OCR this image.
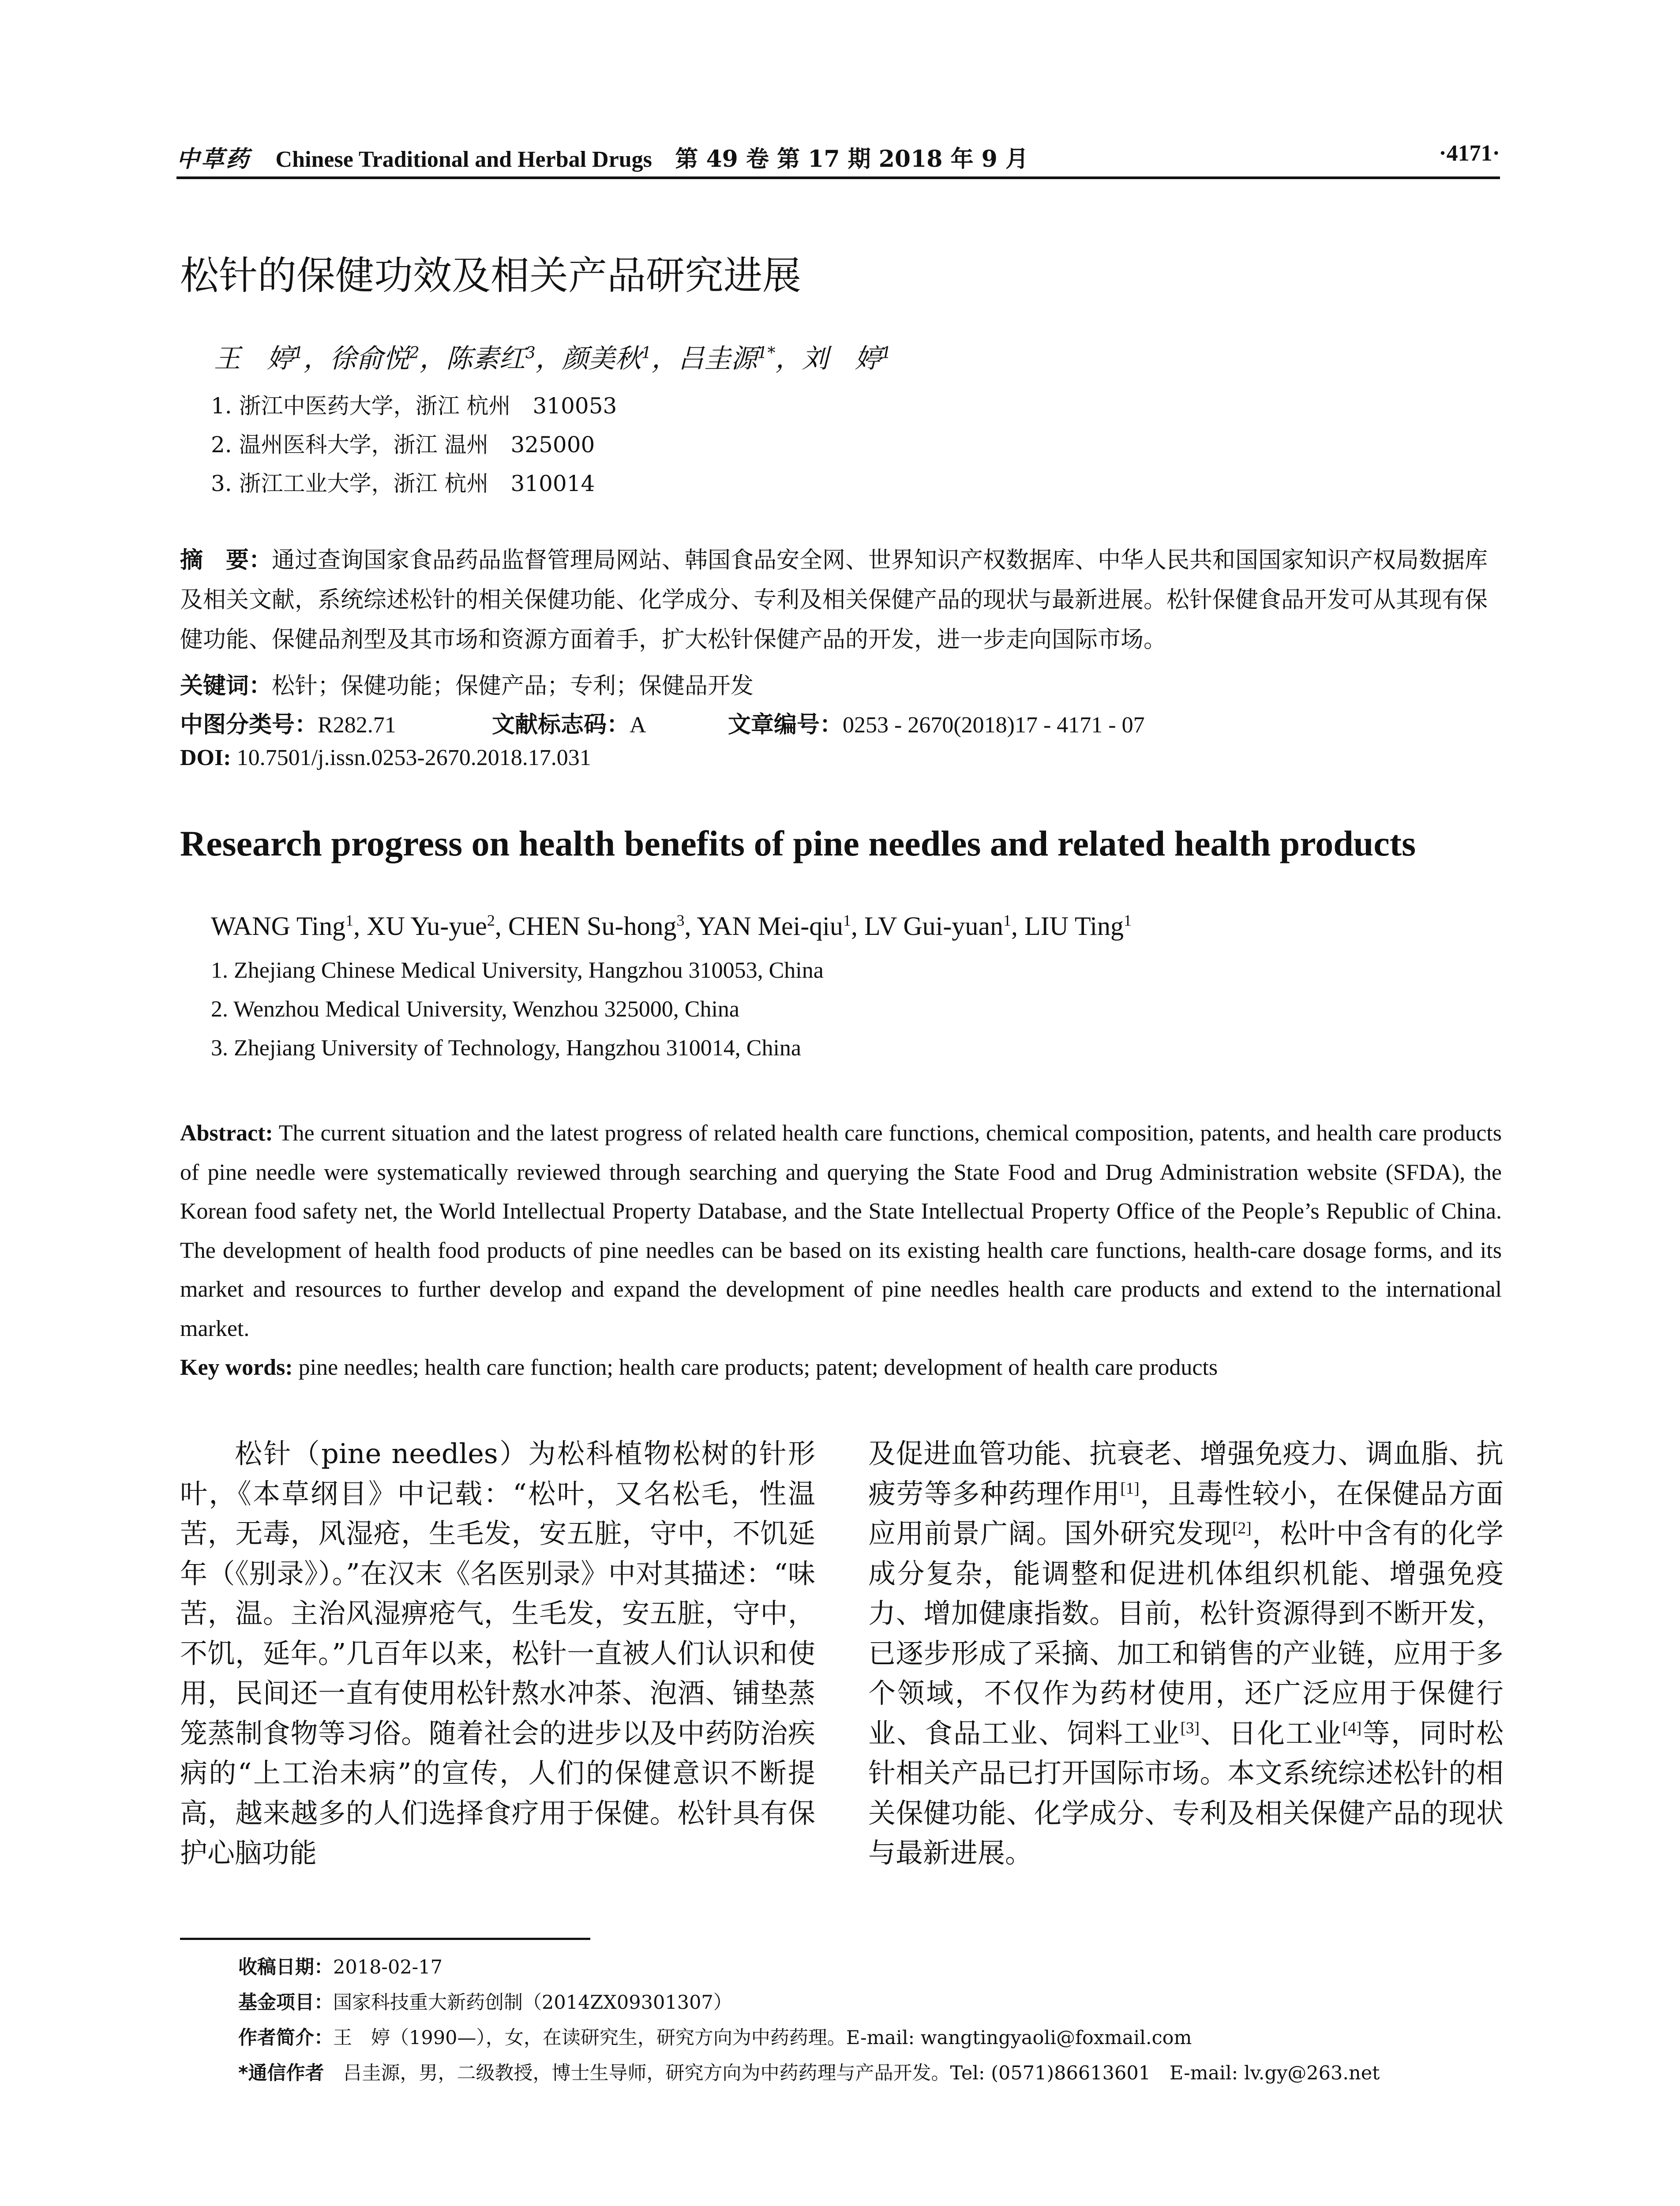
中草药 Chinese Traditional and Herbal Drugs 第 49 卷 第 17 期 2018 年 9 月	·4171·
松针的保健功效及相关产品研究进展
王　婷$^1$，徐俞悦$^2$，陈素红$^3$，颜美秋$^1$，吕圭源$^{1*}$，刘　婷$^1$
1. 浙江中医药大学，浙江 杭州　310053
2. 温州医科大学，浙江 温州　325000
3. 浙江工业大学，浙江 杭州　310014
摘　要：通过查询国家食品药品监督管理局网站、韩国食品安全网、世界知识产权数据库、中华人民共和国国家知识产权局数据库及相关文献，系统综述松针的相关保健功能、化学成分、专利及相关保健产品的现状与最新进展。松针保健食品开发可从其现有保健功能、保健品剂型及其市场和资源方面着手，扩大松针保健产品的开发，进一步走向国际市场。
关键词：松针；保健功能；保健产品；专利；保健品开发
中图分类号：R282.71	文献标志码：A	文章编号：0253 - 2670(2018)17 - 4171 - 07
DOI: 10.7501/j.issn.0253-2670.2018.17.031
Research progress on health benefits of pine needles and related health products
WANG Ting$^1$, XU Yu-yue$^2$, CHEN Su-hong$^3$, YAN Mei-qiu$^1$, LV Gui-yuan$^1$, LIU Ting$^1$
1. Zhejiang Chinese Medical University, Hangzhou 310053, China
2. Wenzhou Medical University, Wenzhou 325000, China
3. Zhejiang University of Technology, Hangzhou 310014, China
Abstract: The current situation and the latest progress of related health care functions, chemical composition, patents, and health care products of pine needle were systematically reviewed through searching and querying the State Food and Drug Administration website (SFDA), the Korean food safety net, the World Intellectual Property Database, and the State Intellectual Property Office of the People’s Republic of China. The development of health food products of pine needles can be based on its existing health care functions, health-care dosage forms, and its market and resources to further develop and expand the development of pine needles health care products and extend to the international market.
Key words: pine needles; health care function; health care products; patent; development of health care products
松针（pine needles）为松科植物松树的针形叶，《本草纲目》中记载：“松叶，又名松毛，性温苦，无毒，风湿疮，生毛发，安五脏，守中，不饥延年（《别录》）。”在汉末《名医别录》中对其描述：“味苦，温。主治风湿痹疮气，生毛发，安五脏，守中，不饥，延年。”几百年以来，松针一直被人们认识和使用，民间还一直有使用松针熬水冲茶、泡酒、铺垫蒸笼蒸制食物等习俗。随着社会的进步以及中药防治疾病的“上工治未病”的宣传，人们的保健意识不断提高，越来越多的人们选择食疗用于保健。松针具有保护心脑功能
及促进血管功能、抗衰老、增强免疫力、调血脂、抗疲劳等多种药理作用[1]，且毒性较小，在保健品方面应用前景广阔。国外研究发现[2]，松叶中含有的化学成分复杂，能调整和促进机体组织机能、增强免疫力、增加健康指数。目前，松针资源得到不断开发，已逐步形成了采摘、加工和销售的产业链，应用于多个领域，不仅作为药材使用，还广泛应用于保健行业、食品工业、饲料工业[3]、日化工业[4]等，同时松针相关产品已打开国际市场。本文系统综述松针的相关保健功能、化学成分、专利及相关保健产品的现状与最新进展。
收稿日期：2018-02-17
基金项目：国家科技重大新药创制（2014ZX09301307）
作者简介：王　婷（1990—），女，在读研究生，研究方向为中药药理。E-mail: wangtingyaoli@foxmail.com
*通信作者　吕圭源，男，二级教授，博士生导师，研究方向为中药药理与产品开发。Tel: (0571)86613601　E-mail: lv.gy@263.net
